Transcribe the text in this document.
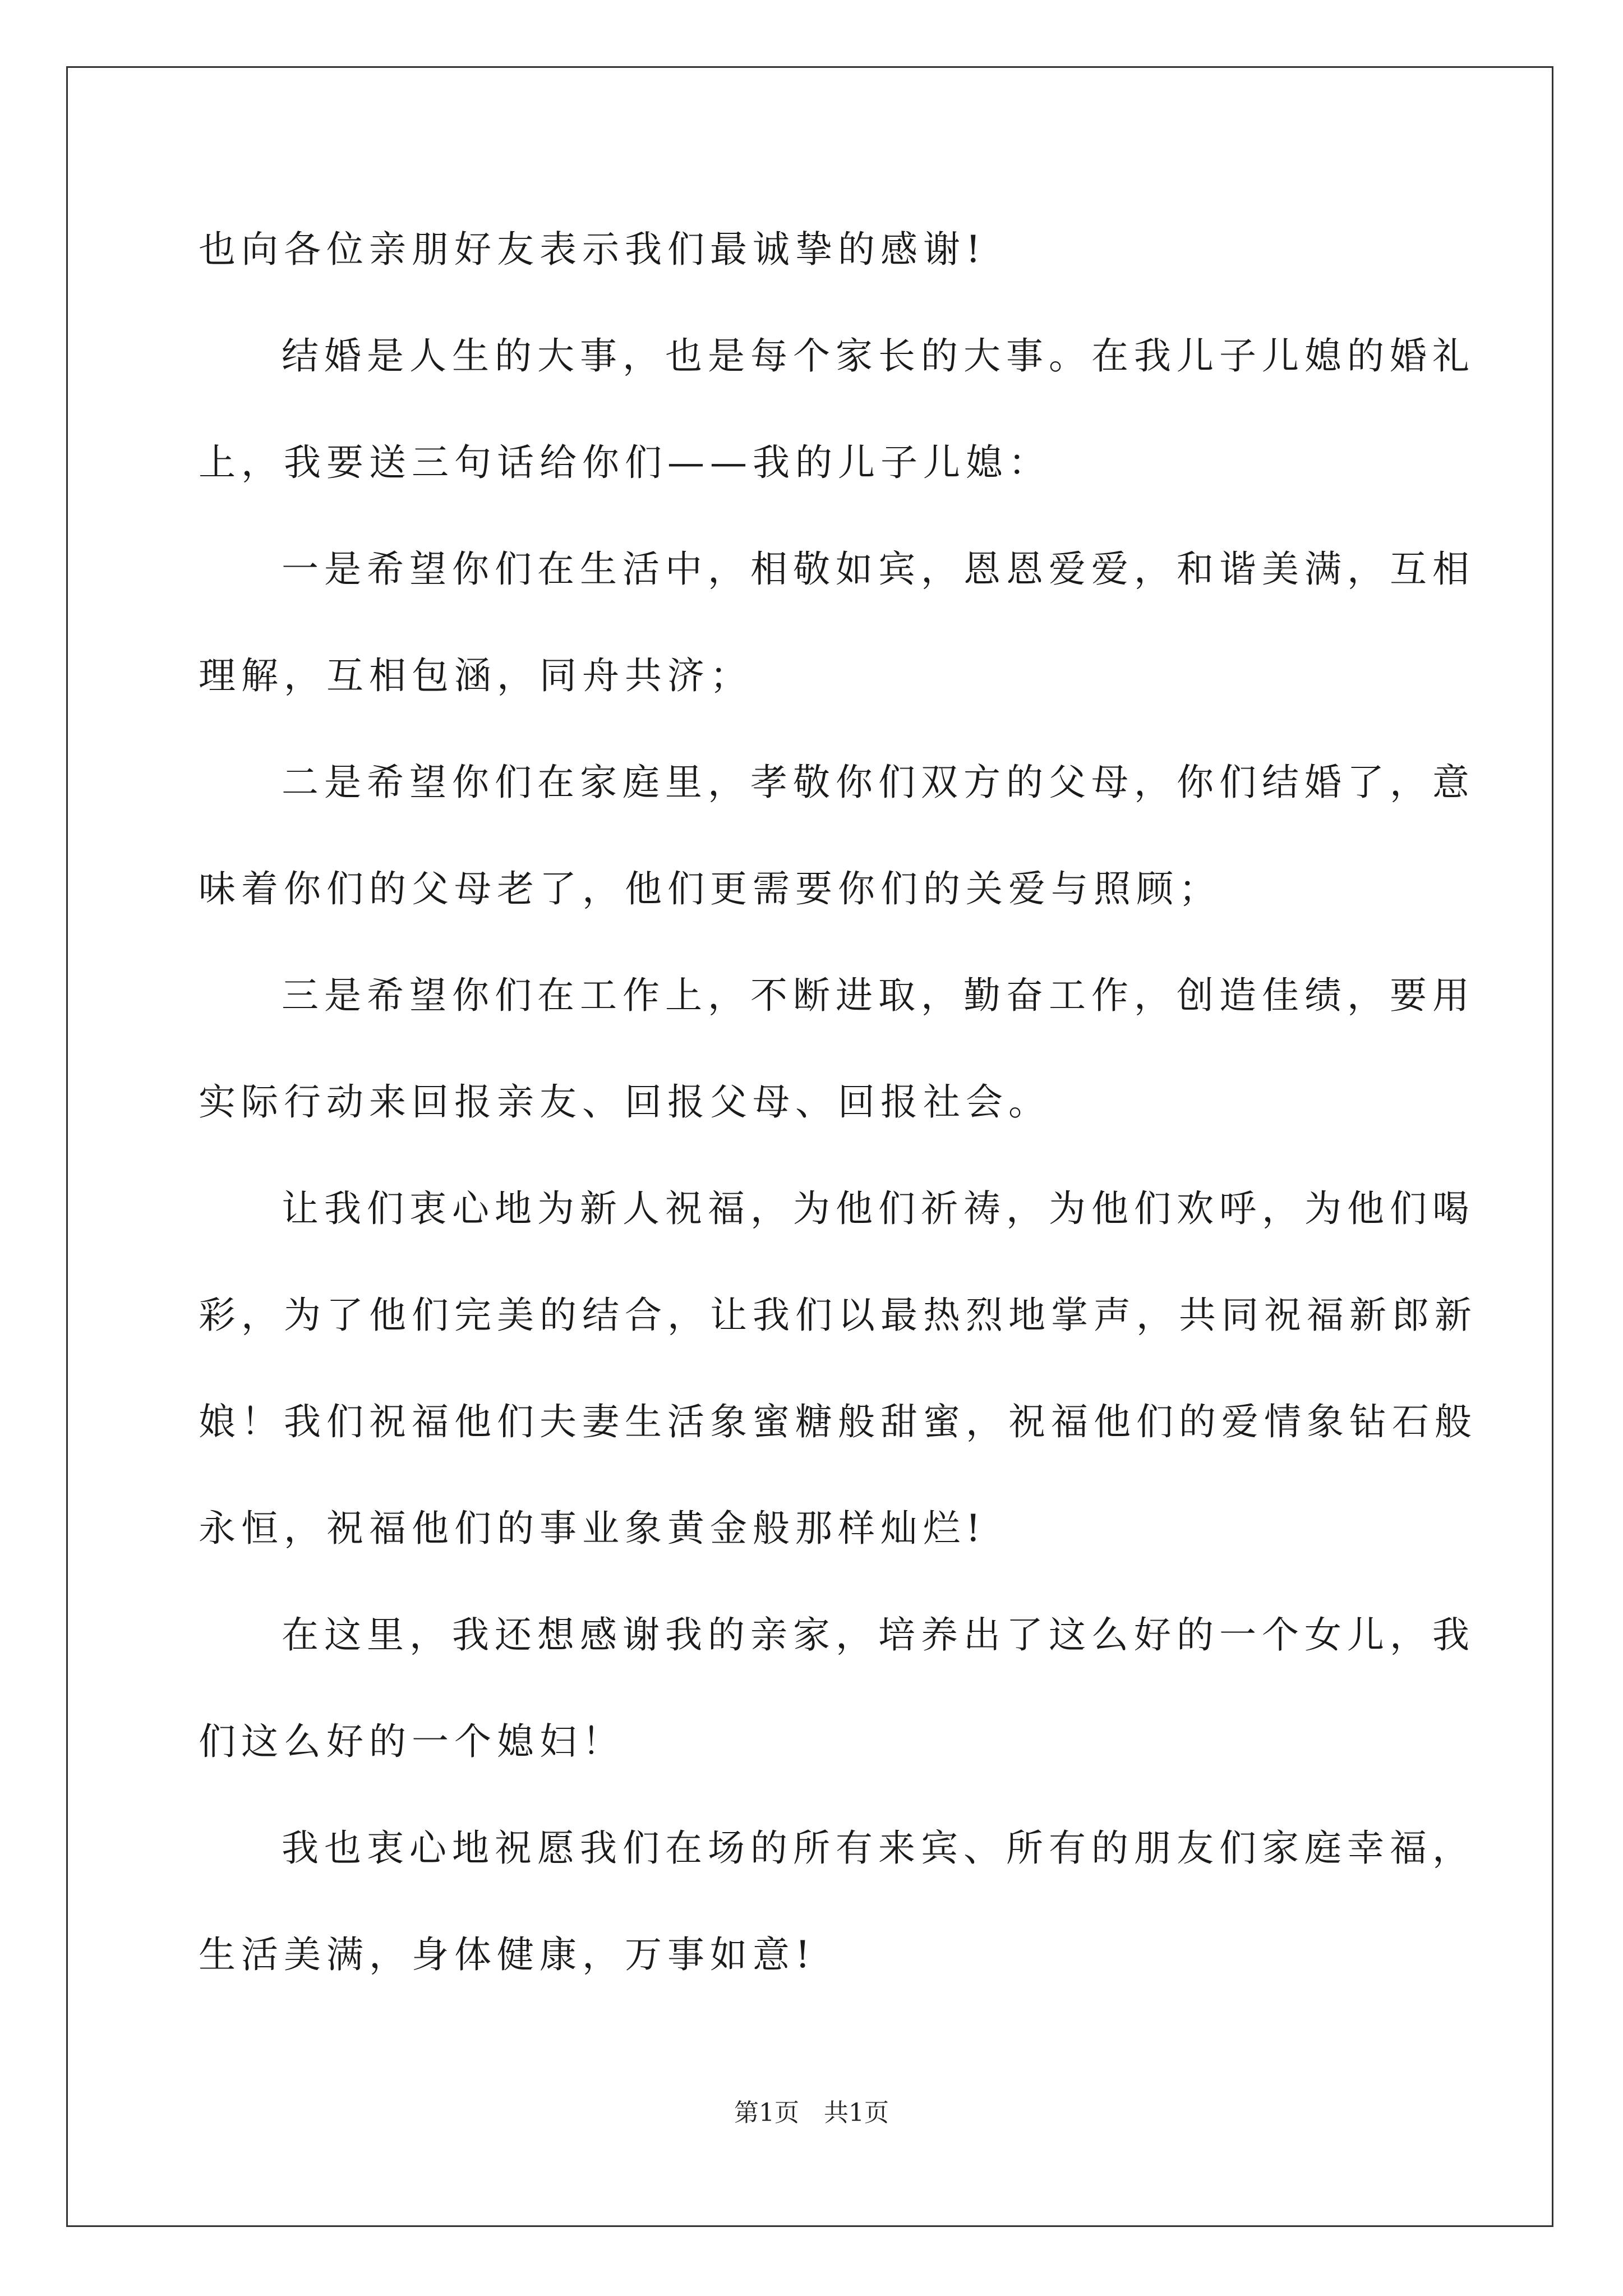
也向各位亲朋好友表示我们最诚挚的感谢!
结婚是人生的大事，也是每个家长的大事。在我儿子儿媳的婚礼
上，我要送三句话给你们——我的儿子儿媳：
一是希望你们在生活中，相敬如宾，恩恩爱爱，和谐美满，互相
理解，互相包涵，同舟共济；
二是希望你们在家庭里，孝敬你们双方的父母，你们结婚了，意
味着你们的父母老了，他们更需要你们的关爱与照顾；
三是希望你们在工作上，不断进取，勤奋工作，创造佳绩，要用
实际行动来回报亲友、回报父母、回报社会。
让我们衷心地为新人祝福，为他们祈祷，为他们欢呼，为他们喝
彩，为了他们完美的结合，让我们以最热烈地掌声，共同祝福新郎新
娘！我们祝福他们夫妻生活象蜜糖般甜蜜，祝福他们的爱情象钻石般
永恒，祝福他们的事业象黄金般那样灿烂!
在这里，我还想感谢我的亲家，培养出了这么好的一个女儿，我
们这么好的一个媳妇！
我也衷心地祝愿我们在场的所有来宾、所有的朋友们家庭幸福，
生活美满，身体健康，万事如意!
第1页 共1页
